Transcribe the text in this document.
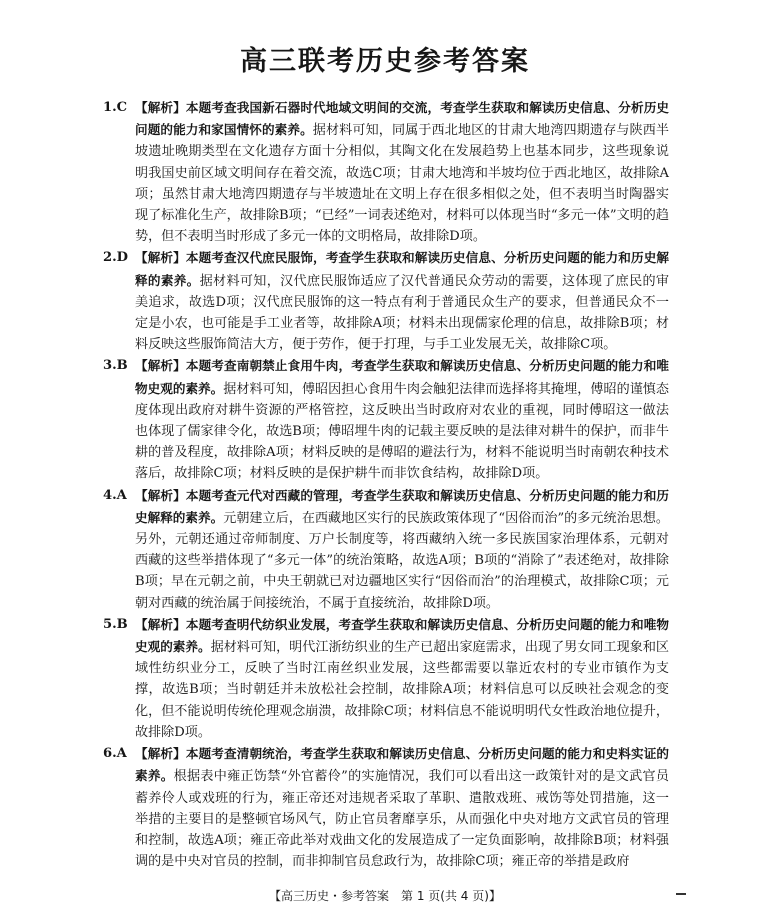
高三联考历史参考答案
1.C 【解析】本题考查我国新石器时代地域文明间的交流，考查学生获取和解读历史信息、分析历史问题的能力和家国情怀的素养。据材料可知，同属于西北地区的甘肃大地湾四期遗存与陕西半坡遗址晚期类型在文化遗存方面十分相似，其陶文化在发展趋势上也基本同步，这些现象说明我国史前区域文明间存在着交流，故选C项；甘肃大地湾和半坡均位于西北地区，故排除A项；虽然甘肃大地湾四期遗存与半坡遗址在文明上存在很多相似之处，但不表明当时陶器实现了标准化生产，故排除B项；“已经”一词表述绝对，材料可以体现当时“多元一体”文明的趋势，但不表明当时形成了多元一体的文明格局，故排除D项。
2.D 【解析】本题考查汉代庶民服饰，考查学生获取和解读历史信息、分析历史问题的能力和历史解释的素养。据材料可知，汉代庶民服饰适应了汉代普通民众劳动的需要，这体现了庶民的审美追求，故选D项；汉代庶民服饰的这一特点有利于普通民众生产的要求，但普通民众不一定是小农，也可能是手工业者等，故排除A项；材料未出现儒家伦理的信息，故排除B项；材料反映这些服饰简洁大方，便于劳作，便于打理，与手工业发展无关，故排除C项。
3.B 【解析】本题考查南朝禁止食用牛肉，考查学生获取和解读历史信息、分析历史问题的能力和唯物史观的素养。据材料可知，傅昭因担心食用牛肉会触犯法律而选择将其掩埋，傅昭的谨慎态度体现出政府对耕牛资源的严格管控，这反映出当时政府对农业的重视，同时傅昭这一做法也体现了儒家律令化，故选B项；傅昭埋牛肉的记载主要反映的是法律对耕牛的保护，而非牛耕的普及程度，故排除A项；材料反映的是傅昭的避法行为，材料不能说明当时南朝农种技术落后，故排除C项；材料反映的是保护耕牛而非饮食结构，故排除D项。
4.A 【解析】本题考查元代对西藏的管理，考查学生获取和解读历史信息、分析历史问题的能力和历史解释的素养。元朝建立后，在西藏地区实行的民族政策体现了“因俗而治”的多元统治思想。另外，元朝还通过帝师制度、万户长制度等，将西藏纳入统一多民族国家治理体系，元朝对西藏的这些举措体现了“多元一体”的统治策略，故选A项；B项的“消除了”表述绝对，故排除B项；早在元朝之前，中央王朝就已对边疆地区实行“因俗而治”的治理模式，故排除C项；元朝对西藏的统治属于间接统治，不属于直接统治，故排除D项。
5.B 【解析】本题考查明代纺织业发展，考查学生获取和解读历史信息、分析历史问题的能力和唯物史观的素养。据材料可知，明代江浙纺织业的生产已超出家庭需求，出现了男女同工现象和区域性纺织业分工，反映了当时江南丝织业发展，这些都需要以靠近农村的专业市镇作为支撑，故选B项；当时朝廷并未放松社会控制，故排除A项；材料信息可以反映社会观念的变化，但不能说明传统伦理观念崩溃，故排除C项；材料信息不能说明明代女性政治地位提升，故排除D项。
6.A 【解析】本题考查清朝统治，考查学生获取和解读历史信息、分析历史问题的能力和史料实证的素养。根据表中雍正饬禁“外官蓄伶”的实施情况，我们可以看出这一政策针对的是文武官员蓄养伶人或戏班的行为，雍正帝还对违规者采取了革职、遣散戏班、戒饬等处罚措施，这一举措的主要目的是整顿官场风气，防止官员奢靡享乐，从而强化中央对地方文武官员的管理和控制，故选A项；雍正帝此举对戏曲文化的发展造成了一定负面影响，故排除B项；材料强调的是中央对官员的控制，而非抑制官员怠政行为，故排除C项；雍正帝的举措是政府
【高三历史・参考答案　第 1 页(共 4 页)】
